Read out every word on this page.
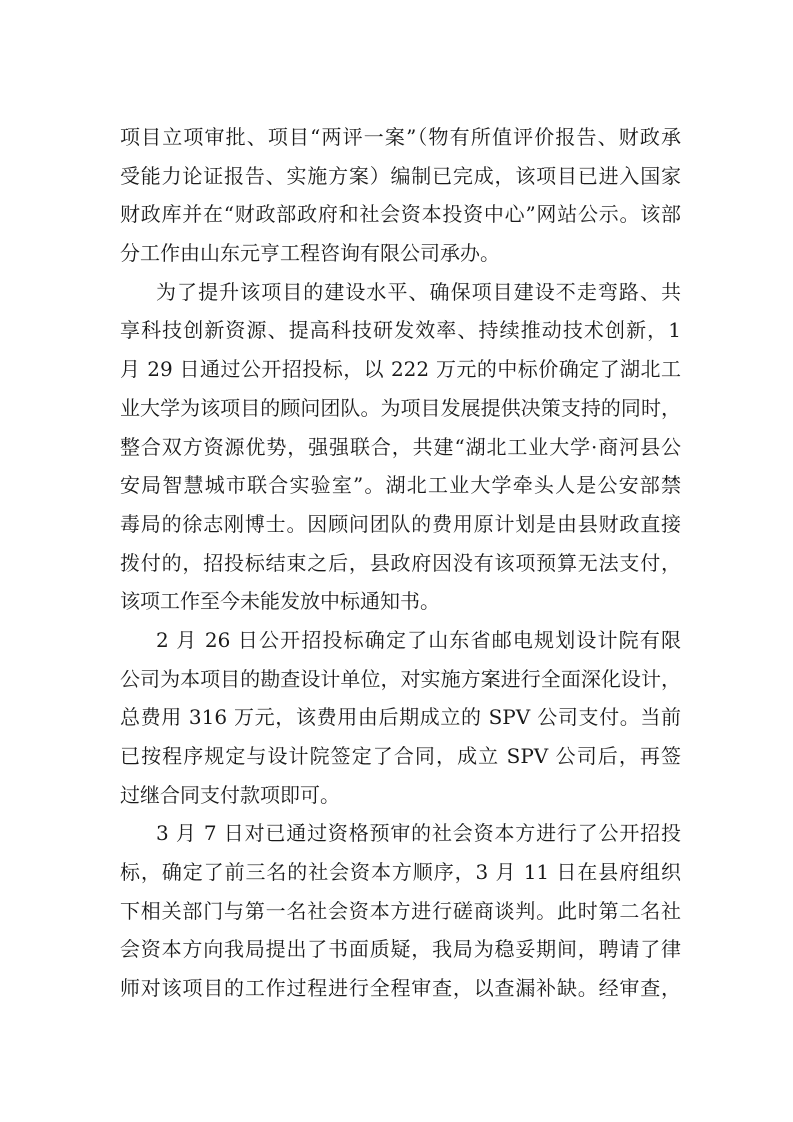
项目立项审批、项目“两评一案”（物有所值评价报告、财政承
受能力论证报告、实施方案）编制已完成，该项目已进入国家
财政库并在“财政部政府和社会资本投资中心”网站公示。该部
分工作由山东元亨工程咨询有限公司承办。
为了提升该项目的建设水平、确保项目建设不走弯路、共
享科技创新资源、提高科技研发效率、持续推动技术创新，1
月 29 日通过公开招投标，以 222 万元的中标价确定了湖北工
业大学为该项目的顾问团队。为项目发展提供决策支持的同时，
整合双方资源优势，强强联合，共建“湖北工业大学·商河县公
安局智慧城市联合实验室”。湖北工业大学牵头人是公安部禁
毒局的徐志刚博士。因顾问团队的费用原计划是由县财政直接
拨付的，招投标结束之后，县政府因没有该项预算无法支付，
该项工作至今未能发放中标通知书。
2 月 26 日公开招投标确定了山东省邮电规划设计院有限
公司为本项目的勘查设计单位，对实施方案进行全面深化设计，
总费用 316 万元，该费用由后期成立的 SPV 公司支付。当前
已按程序规定与设计院签定了合同，成立 SPV 公司后，再签
过继合同支付款项即可。
3 月 7 日对已通过资格预审的社会资本方进行了公开招投
标，确定了前三名的社会资本方顺序，3 月 11 日在县府组织
下相关部门与第一名社会资本方进行磋商谈判。此时第二名社
会资本方向我局提出了书面质疑，我局为稳妥期间，聘请了律
师对该项目的工作过程进行全程审查，以查漏补缺。经审查，
